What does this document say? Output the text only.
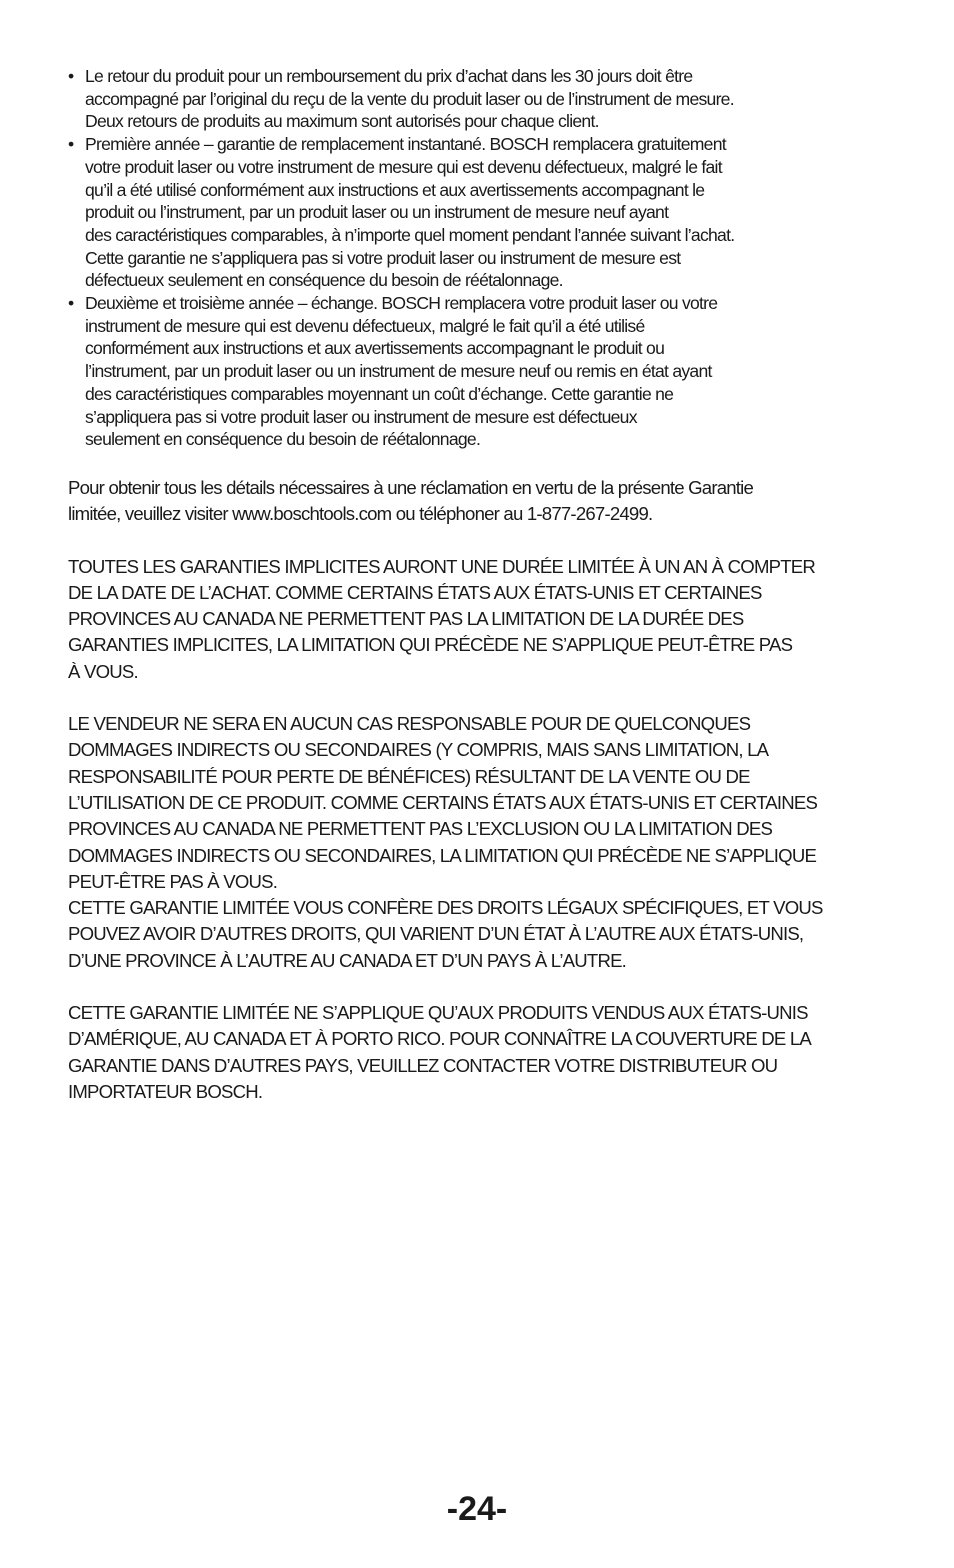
• Le retour du produit pour un remboursement du prix d’achat dans les 30 jours doit être
accompagné par l’original du reçu de la vente du produit laser ou de l’instrument de mesure.
Deux retours de produits au maximum sont autorisés pour chaque client.
• Première année – garantie de remplacement instantané. BOSCH remplacera gratuitement
votre produit laser ou votre instrument de mesure qui est devenu défectueux, malgré le fait
qu’il a été utilisé conformément aux instructions et aux avertissements accompagnant le
produit ou l’instrument, par un produit laser ou un instrument de mesure neuf ayant
des caractéristiques comparables, à n’importe quel moment pendant l’année suivant l’achat.
Cette garantie ne s’appliquera pas si votre produit laser ou instrument de mesure est
défectueux seulement en conséquence du besoin de réétalonnage.
• Deuxième et troisième année – échange. BOSCH remplacera votre produit laser ou votre
instrument de mesure qui est devenu défectueux, malgré le fait qu’il a été utilisé
conformément aux instructions et aux avertissements accompagnant le produit ou
l’instrument, par un produit laser ou un instrument de mesure neuf ou remis en état ayant
des caractéristiques comparables moyennant un coût d’échange. Cette garantie ne
s’appliquera pas si votre produit laser ou instrument de mesure est défectueux
seulement en conséquence du besoin de réétalonnage.

Pour obtenir tous les détails nécessaires à une réclamation en vertu de la présente Garantie
limitée, veuillez visiter www.boschtools.com ou téléphoner au 1-877-267-2499.

TOUTES LES GARANTIES IMPLICITES AURONT UNE DURÉE LIMITÉE À UN AN À COMPTER
DE LA DATE DE L’ACHAT. COMME CERTAINS ÉTATS AUX ÉTATS-UNIS ET CERTAINES
PROVINCES AU CANADA NE PERMETTENT PAS LA LIMITATION DE LA DURÉE DES
GARANTIES IMPLICITES, LA LIMITATION QUI PRÉCÈDE NE S’APPLIQUE PEUT-ÊTRE PAS
À VOUS.

LE VENDEUR NE SERA EN AUCUN CAS RESPONSABLE POUR DE QUELCONQUES
DOMMAGES INDIRECTS OU SECONDAIRES (Y COMPRIS, MAIS SANS LIMITATION, LA
RESPONSABILITÉ POUR PERTE DE BÉNÉFICES) RÉSULTANT DE LA VENTE OU DE
L’UTILISATION DE CE PRODUIT. COMME CERTAINS ÉTATS AUX ÉTATS-UNIS ET CERTAINES
PROVINCES AU CANADA NE PERMETTENT PAS L’EXCLUSION OU LA LIMITATION DES
DOMMAGES INDIRECTS OU SECONDAIRES, LA LIMITATION QUI PRÉCÈDE NE S’APPLIQUE
PEUT-ÊTRE PAS À VOUS.

CETTE GARANTIE LIMITÉE VOUS CONFÈRE DES DROITS LÉGAUX SPÉCIFIQUES, ET VOUS
POUVEZ AVOIR D’AUTRES DROITS, QUI VARIENT D’UN ÉTAT À L’AUTRE AUX ÉTATS-UNIS,
D’UNE PROVINCE À L’AUTRE AU CANADA ET D’UN PAYS À L’AUTRE.

CETTE GARANTIE LIMITÉE NE S’APPLIQUE QU’AUX PRODUITS VENDUS AUX ÉTATS-UNIS
D’AMÉRIQUE, AU CANADA ET À PORTO RICO. POUR CONNAÎTRE LA COUVERTURE DE LA
GARANTIE DANS D’AUTRES PAYS, VEUILLEZ CONTACTER VOTRE DISTRIBUTEUR OU
IMPORTATEUR BOSCH.

-24-
